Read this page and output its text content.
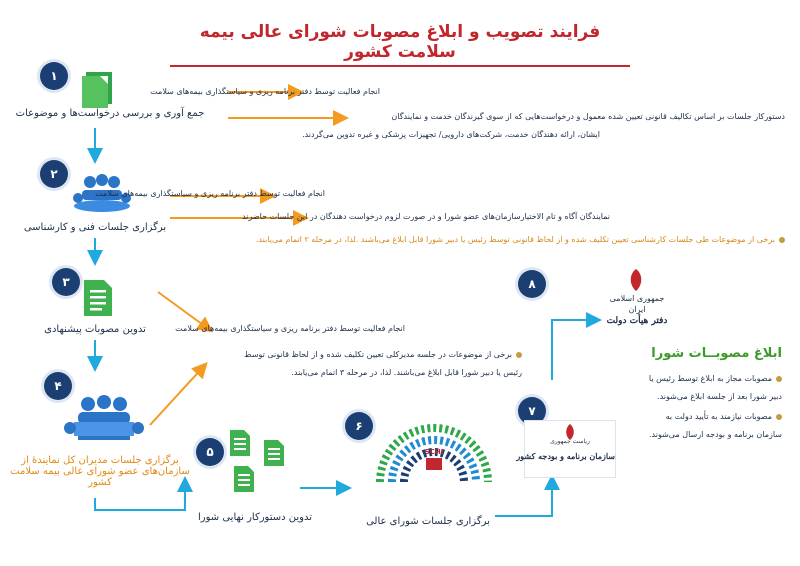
فرایند تصویب و ابلاغ مصوبات شورای عالی بیمه سلامت کشور
۱
جمع آوری و بررسی درخواست‌ها و موضوعات
انجام فعالیت توسط دفتر برنامه ریزی و سیاستگذاری بیمه‌های سلامت
دستورکار جلسات بر اساس تکالیف قانونی تعیین شده معمول و درخواست‌هایی که از سوی گیرندگان خدمت و نمایندگان
ایشان، ارائه دهندگان خدمت، شرکت‌های دارویی/ تجهیزات پزشکی و غیره تدوین می‌گردند.
۲
برگزاری جلسات فنی و کارشناسی
انجام فعالیت توسط دفتر برنامه ریزی و سیاستگذاری بیمه‌های سلامت
نمایندگان آگاه و تام الاختیارسازمان‌های عضو شورا و در صورت لزوم درخواست دهندگان در این جلسات حاضرند
برخی از موضوعات طی جلسات کارشناسی تعیین تکلیف شده و از لحاظ قانونی توسط رئیس یا دبیر شورا قابل ابلاغ می‌باشند .لذا، در مرحله ۲ اتمام می‌یابند.
۳
تدوین مصوبات پیشنهادی	انجام فعالیت توسط دفتر برنامه ریزی و سیاستگذاری بیمه‌های سلامت
برخی از موضوعات در جلسه مدیرکلی تعیین تکلیف شده و از لحاظ قانونی توسط
رئیس یا دبیر شورا قابل ابلاغ می‌باشند. لذا، در مرحله ۳ اتمام می‌یابند.
۴
برگزاری جلسات مدیران کل نمایندۀ از
سازمان‌های عضو شورای عالی بیمه سلامت
کشور
۵
تدوین دستورکار نهایی شورا
۶
SCHI
برگزاری جلسات شورای عالی
۷
ریاست جمهوری
سازمان برنامه و بودجه کشور
۸
جمهوری اسلامی
ایران
دفتر هیأت دولت
ابلاغ مصوبــات شورا
مصوبات مجاز به ابلاغ توسط رئیس یا
دبیر شورا بعد از جلسه ابلاغ می‌شوند.
مصوبات نیازمند به تأیید دولت به
سازمان برنامه و بودجه ارسال می‌شوند.
